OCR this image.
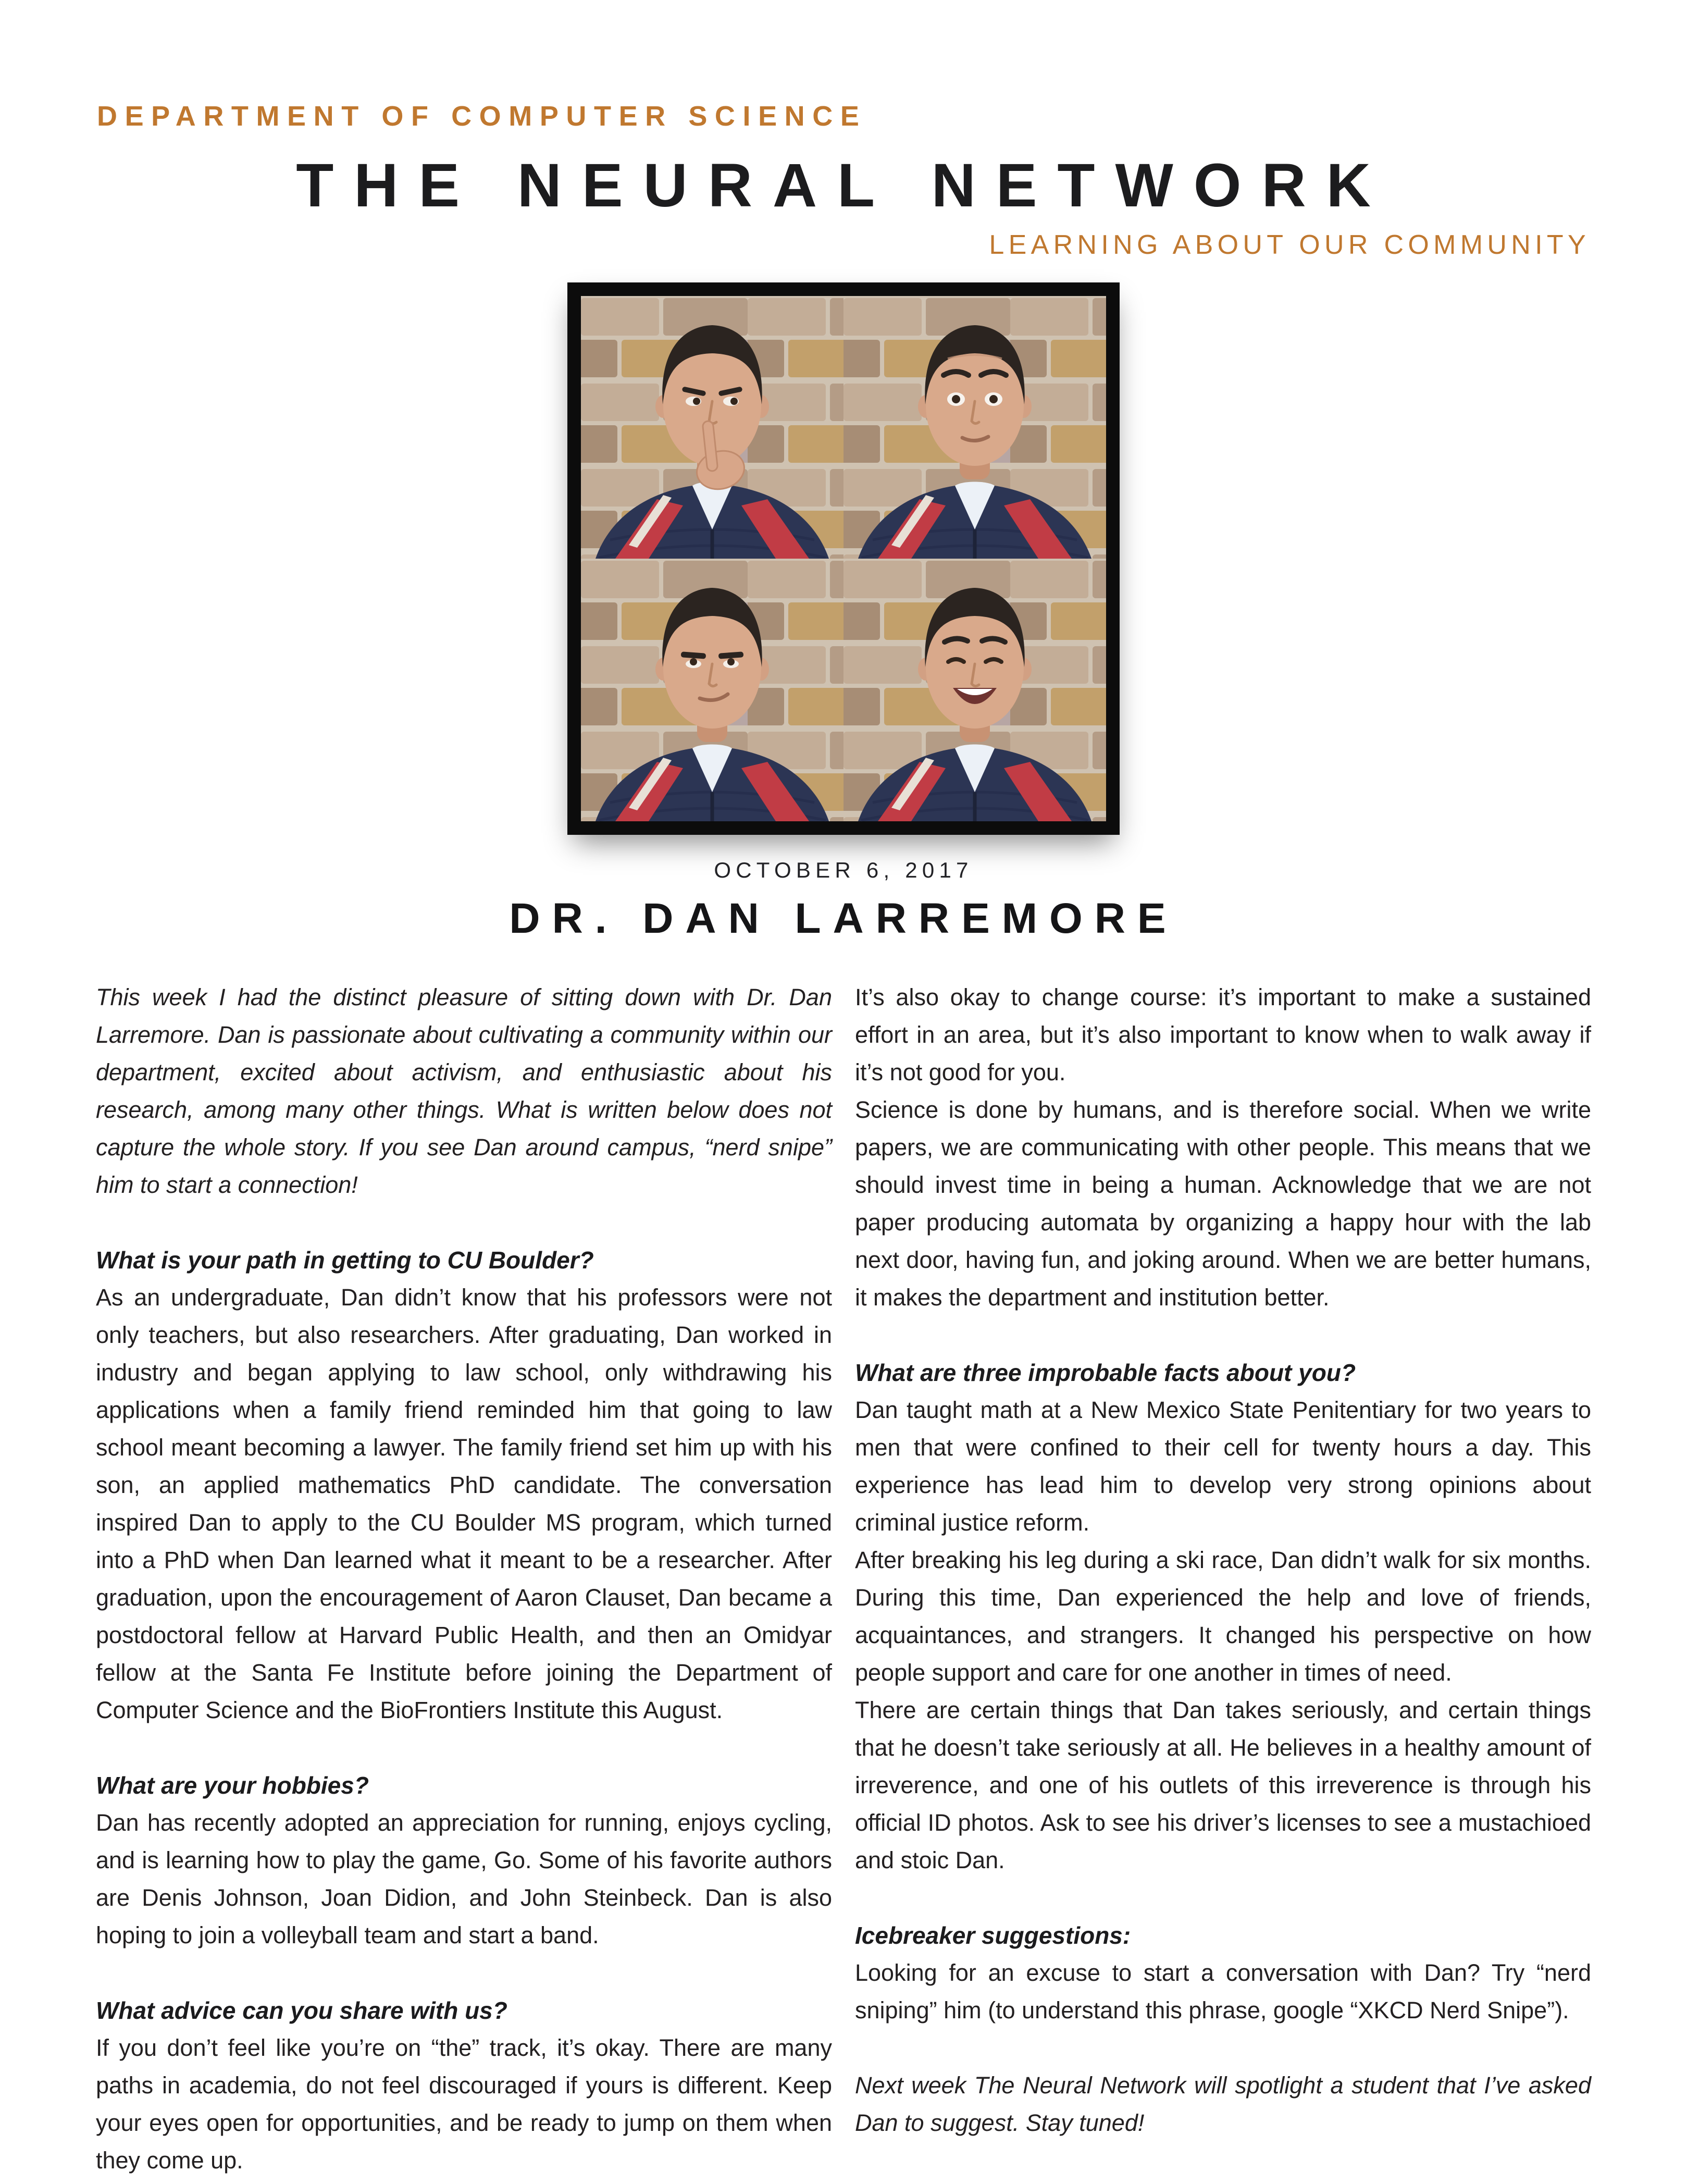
DEPARTMENT OF COMPUTER SCIENCE
THE NEURAL NETWORK
LEARNING ABOUT OUR COMMUNITY
OCTOBER 6, 2017
DR. DAN LARREMORE

This week I had the distinct pleasure of sitting down with Dr. Dan Larremore. Dan is passionate about cultivating a community within our department, excited about activism, and enthusiastic about his research, among many other things. What is written below does not capture the whole story. If you see Dan around campus, “nerd snipe” him to start a connection!

What is your path in getting to CU Boulder?

As an undergraduate, Dan didn’t know that his professors were not only teachers, but also researchers. After graduating, Dan worked in industry and began applying to law school, only withdrawing his applications when a family friend reminded him that going to law school meant becoming a lawyer. The family friend set him up with his son, an applied mathematics PhD candidate. The conversation inspired Dan to apply to the CU Boulder MS program, which turned into a PhD when Dan learned what it meant to be a researcher. After graduation, upon the encouragement of Aaron Clauset, Dan became a postdoctoral fellow at Harvard Public Health, and then an Omidyar fellow at the Santa Fe Institute before joining the Department of Computer Science and the BioFrontiers Institute this August.

What are your hobbies?

Dan has recently adopted an appreciation for running, enjoys cycling, and is learning how to play the game, Go. Some of his favorite authors are Denis Johnson, Joan Didion, and John Steinbeck. Dan is also hoping to join a volleyball team and start a band.

What advice can you share with us?

If you don’t feel like you’re on “the” track, it’s okay. There are many paths in academia, do not feel discouraged if yours is different. Keep your eyes open for opportunities, and be ready to jump on them when they come up.

It’s also okay to change course: it’s important to make a sustained effort in an area, but it’s also important to know when to walk away if it’s not good for you.

Science is done by humans, and is therefore social. When we write papers, we are communicating with other people. This means that we should invest time in being a human. Acknowledge that we are not paper producing automata by organizing a happy hour with the lab next door, having fun, and joking around. When we are better humans, it makes the department and institution better.

What are three improbable facts about you?

Dan taught math at a New Mexico State Penitentiary for two years to men that were confined to their cell for twenty hours a day. This experience has lead him to develop very strong opinions about criminal justice reform.

After breaking his leg during a ski race, Dan didn’t walk for six months. During this time, Dan experienced the help and love of friends, acquaintances, and strangers. It changed his perspective on how people support and care for one another in times of need.

There are certain things that Dan takes seriously, and certain things that he doesn’t take seriously at all. He believes in a healthy amount of irreverence, and one of his outlets of this irreverence is through his official ID photos. Ask to see his driver’s licenses to see a mustachioed and stoic Dan.

Icebreaker suggestions:

Looking for an excuse to start a conversation with Dan? Try “nerd sniping” him (to understand this phrase, google “XKCD Nerd Snipe”).

Next week The Neural Network will spotlight a student that I’ve asked Dan to suggest. Stay tuned!
